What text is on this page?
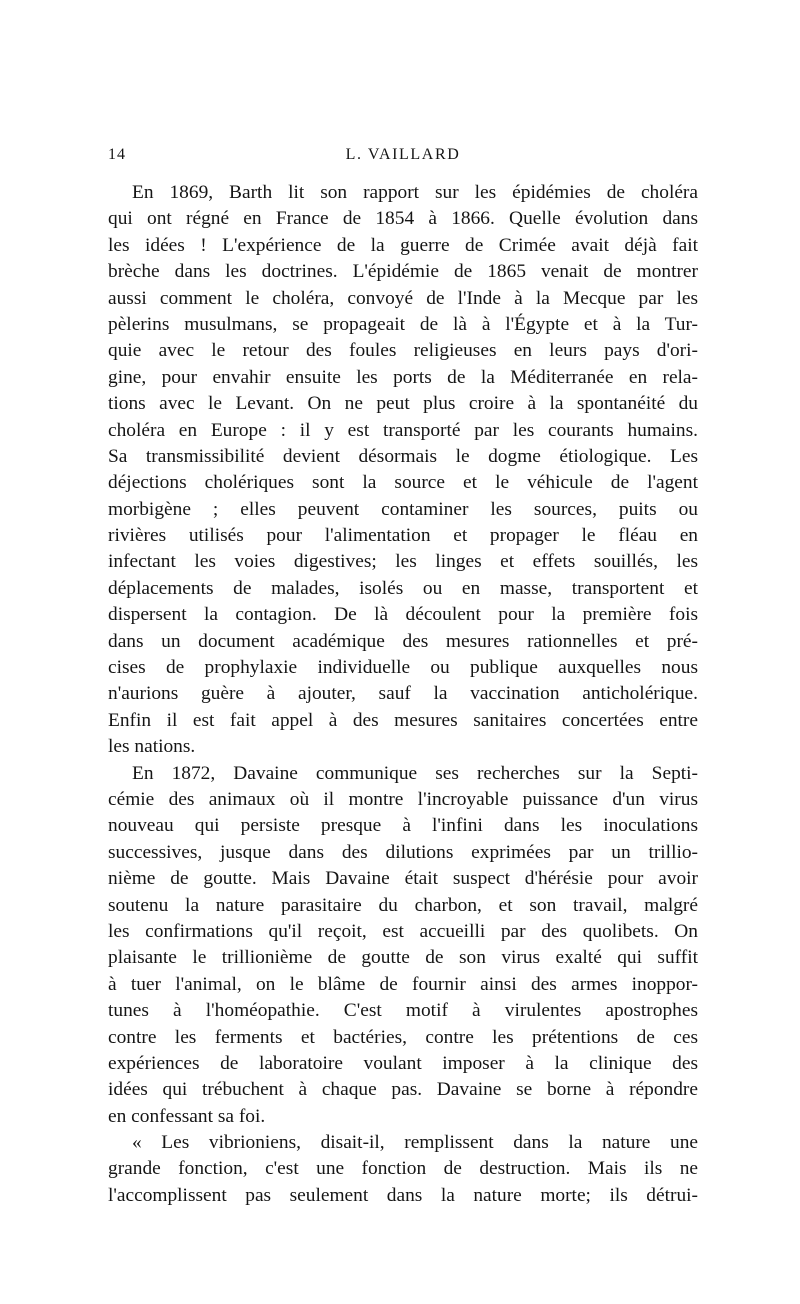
14	L. VAILLARD
En 1869, Barth lit son rapport sur les épidémies de choléra
qui ont régné en France de 1854 à 1866. Quelle évolution dans
les idées ! L'expérience de la guerre de Crimée avait déjà fait
brèche dans les doctrines. L'épidémie de 1865 venait de montrer
aussi comment le choléra, convoyé de l'Inde à la Mecque par les
pèlerins musulmans, se propageait de là à l'Égypte et à la Tur-
quie avec le retour des foules religieuses en leurs pays d'ori-
gine, pour envahir ensuite les ports de la Méditerranée en rela-
tions avec le Levant. On ne peut plus croire à la spontanéité du
choléra en Europe : il y est transporté par les courants humains.
Sa transmissibilité devient désormais le dogme étiologique. Les
déjections cholériques sont la source et le véhicule de l'agent
morbigène ; elles peuvent contaminer les sources, puits ou
rivières utilisés pour l'alimentation et propager le fléau en
infectant les voies digestives; les linges et effets souillés, les
déplacements de malades, isolés ou en masse, transportent et
dispersent la contagion. De là découlent pour la première fois
dans un document académique des mesures rationnelles et pré-
cises de prophylaxie individuelle ou publique auxquelles nous
n'aurions guère à ajouter, sauf la vaccination anticholérique.
Enfin il est fait appel à des mesures sanitaires concertées entre
les nations.
En 1872, Davaine communique ses recherches sur la Septi-
cémie des animaux où il montre l'incroyable puissance d'un virus
nouveau qui persiste presque à l'infini dans les inoculations
successives, jusque dans des dilutions exprimées par un trillio-
nième de goutte. Mais Davaine était suspect d'hérésie pour avoir
soutenu la nature parasitaire du charbon, et son travail, malgré
les confirmations qu'il reçoit, est accueilli par des quolibets. On
plaisante le trillionième de goutte de son virus exalté qui suffit
à tuer l'animal, on le blâme de fournir ainsi des armes inoppor-
tunes à l'homéopathie. C'est motif à virulentes apostrophes
contre les ferments et bactéries, contre les prétentions de ces
expériences de laboratoire voulant imposer à la clinique des
idées qui trébuchent à chaque pas. Davaine se borne à répondre
en confessant sa foi.
« Les vibrioniens, disait-il, remplissent dans la nature une
grande fonction, c'est une fonction de destruction. Mais ils ne
l'accomplissent pas seulement dans la nature morte; ils détrui-
